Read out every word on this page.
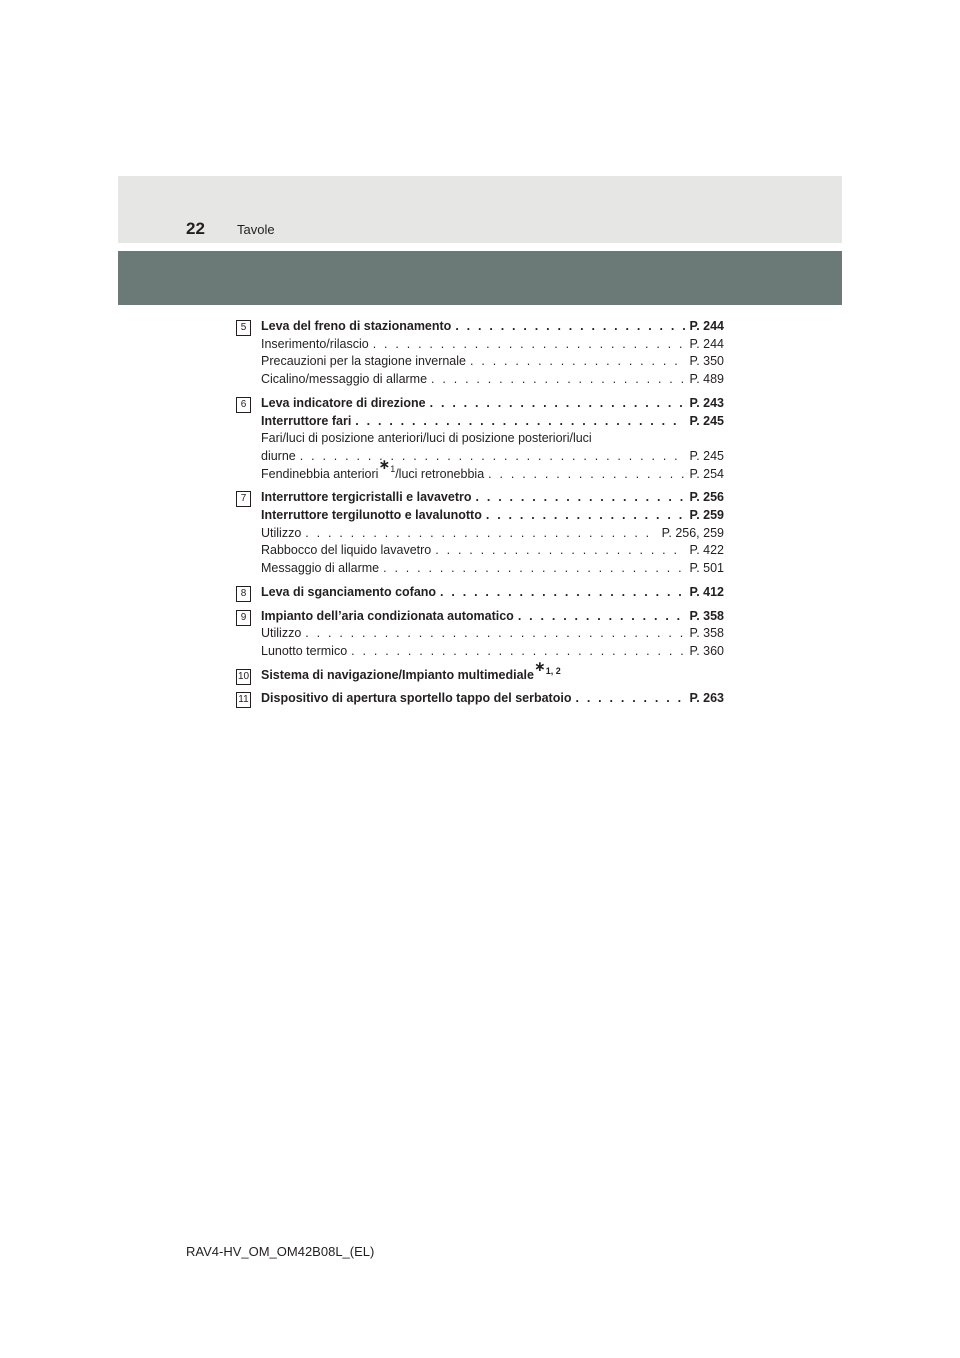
22 Tavole
5	Leva del freno di stazionamento . . .	P. 244
Inserimento/rilascio . . .	P. 244
Precauzioni per la stagione invernale . . .	P. 350
Cicalino/messaggio di allarme . . .	P. 489
6	Leva indicatore di direzione . . .	P. 243
Interruttore fari . . .	P. 245
Fari/luci di posizione anteriori/luci di posizione posteriori/luci
diurne . . .	P. 245
Fendinebbia anteriori$^{∗1}$/luci retronebbia . . .	P. 254
7	Interruttore tergicristalli e lavavetro . . .	P. 256
Interruttore tergilunotto e lavalunotto . . .	P. 259
Utilizzo . . .	P. 256, 259
Rabbocco del liquido lavavetro . . .	P. 422
Messaggio di allarme . . .	P. 501
8	Leva di sganciamento cofano . . .	P. 412
9	Impianto dell’aria condizionata automatico . . .	P. 358
Utilizzo . . .	P. 358
Lunotto termico . . .	P. 360
10 Sistema di navigazione/Impianto multimediale$^{∗1, 2}$
11 Dispositivo di apertura sportello tappo del serbatoio . . .	P. 263
RAV4-HV_OM_OM42B08L_(EL)
